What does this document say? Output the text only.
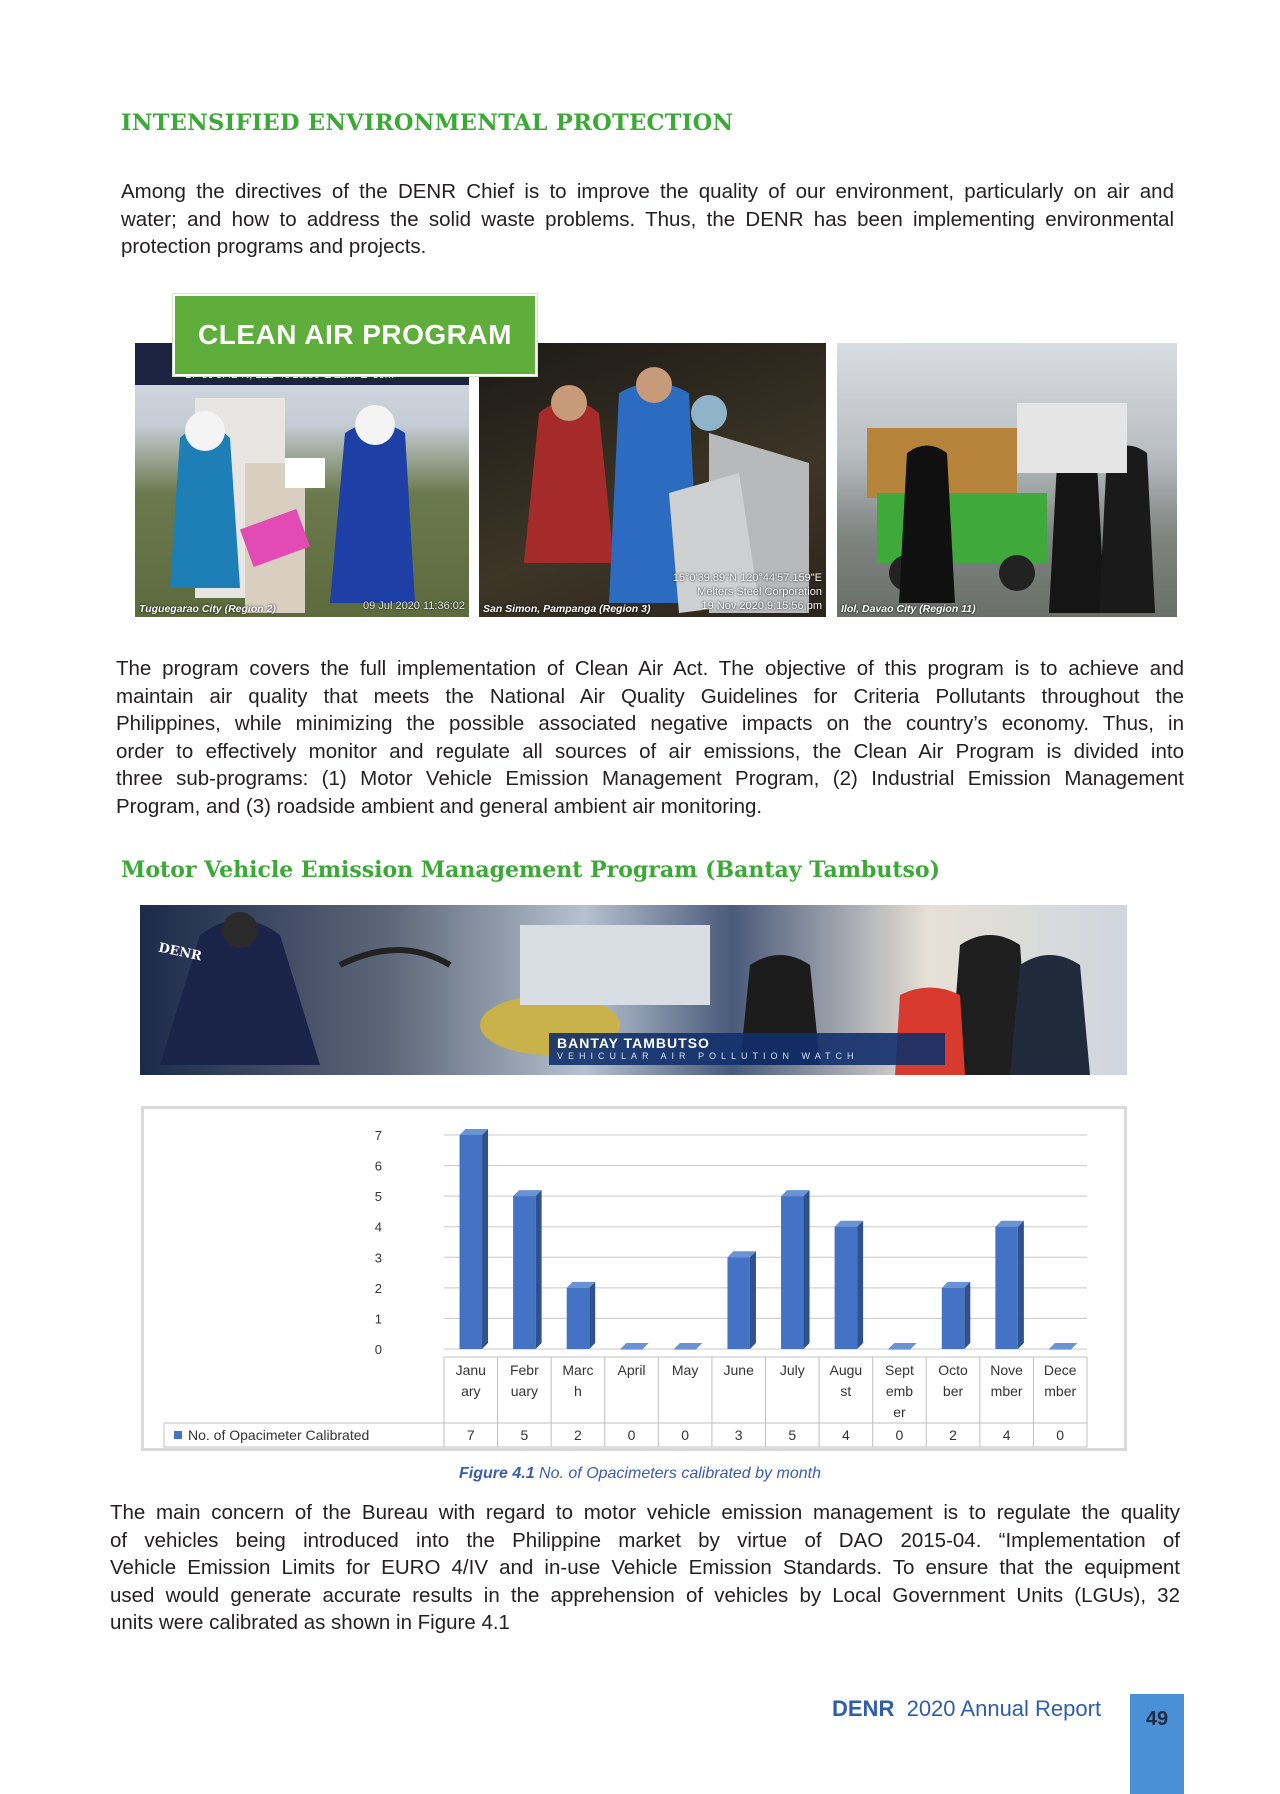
INTENSIFIED ENVIRONMENTAL PROTECTION
Among the directives of the DENR Chief is to improve the quality of our environment, particularly on air and
water; and how to address the solid waste problems. Thus, the DENR has been implementing environmental
protection programs and projects.
Tuguegarao City (Region 2)	09 Jul 2020 11:36:02 San Simon, Pampanga (Region 3)
15°0'39.89"N 120°44'57.159"E
Melters Steel Corporation
19 Nov 2020 9:15:56 pm Ilol, Davao City (Region 11)
CLEAN AIR PROGRAM
The program covers the full implementation of Clean Air Act. The objective of this program is to achieve and
maintain air quality that meets the National Air Quality Guidelines for Criteria Pollutants throughout the
Philippines, while minimizing the possible associated negative impacts on the country’s economy. Thus, in
order to effectively monitor and regulate all sources of air emissions, the Clean Air Program is divided into
three sub-programs: (1) Motor Vehicle Emission Management Program, (2) Industrial Emission Management
Program, and (3) roadside ambient and general ambient air monitoring.
Motor Vehicle Emission Management Program (Bantay Tambutso)
DENR
BANTAY TAMBUTSO
VEHICULAR AIR POLLUTION WATCH
0
1
2
3
4
5
6
7
Janu
ary
7
Febr
uary
5
Marc
h
2
April
0
May
0
June
3
July
5
Augu
st
4
Sept
emb
er
0
Octo
ber
2
Nove
mber
4
Dece
mber
0
No. of Opacimeter Calibrated
Figure 4.1 No. of Opacimeters calibrated by month
The main concern of the Bureau with regard to motor vehicle emission management is to regulate the quality
of vehicles being introduced into the Philippine market by virtue of DAO 2015-04. “Implementation of
Vehicle Emission Limits for EURO 4/IV and in-use Vehicle Emission Standards. To ensure that the equipment
used would generate accurate results in the apprehension of vehicles by Local Government Units (LGUs), 32
units were calibrated as shown in Figure 4.1
DENR 2020 Annual Report	49
